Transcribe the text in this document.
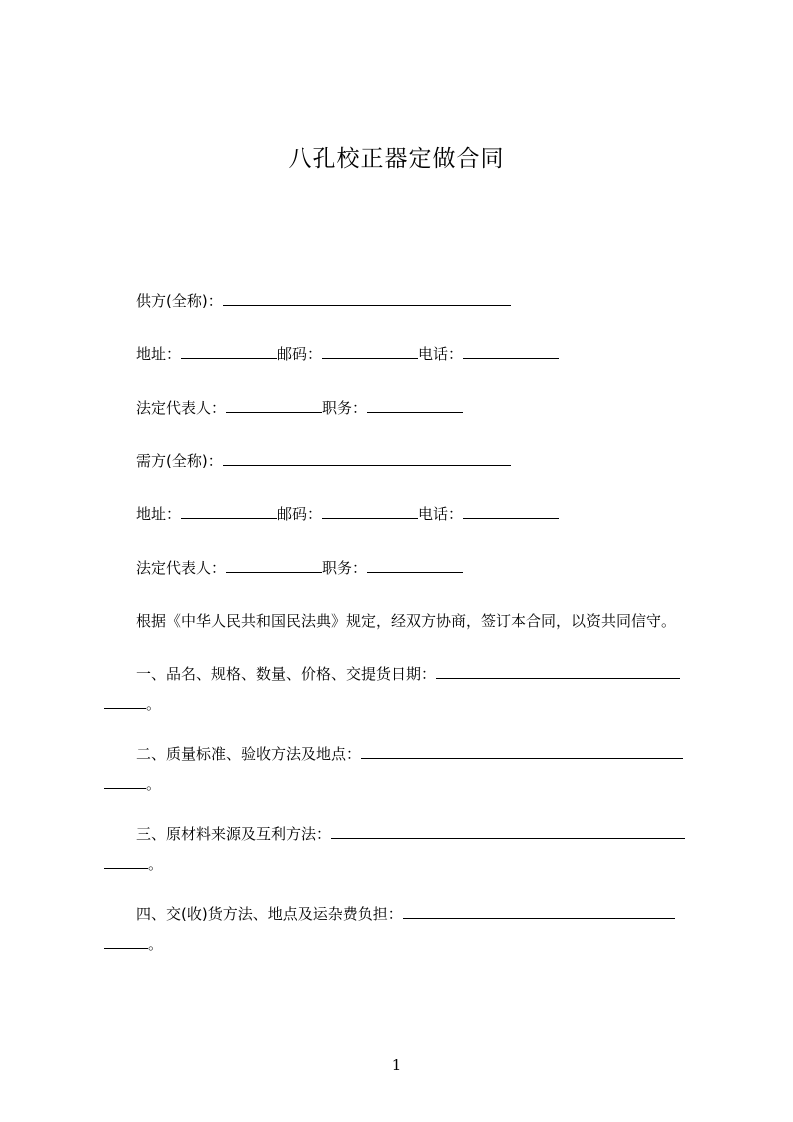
八孔校正器定做合同
供方(全称)：
地址：	邮码：	电话：
法定代表人：	职务：
需方(全称)：
地址：	邮码：	电话：
法定代表人：	职务：
根据《中华人民共和国民法典》规定，经双方协商，签订本合同，以资共同信守。
一、品名、规格、数量、价格、交提货日期：
。
二、质量标准、验收方法及地点：
。
三、原材料来源及互利方法：
。
四、交(收)货方法、地点及运杂费负担：
。
1
